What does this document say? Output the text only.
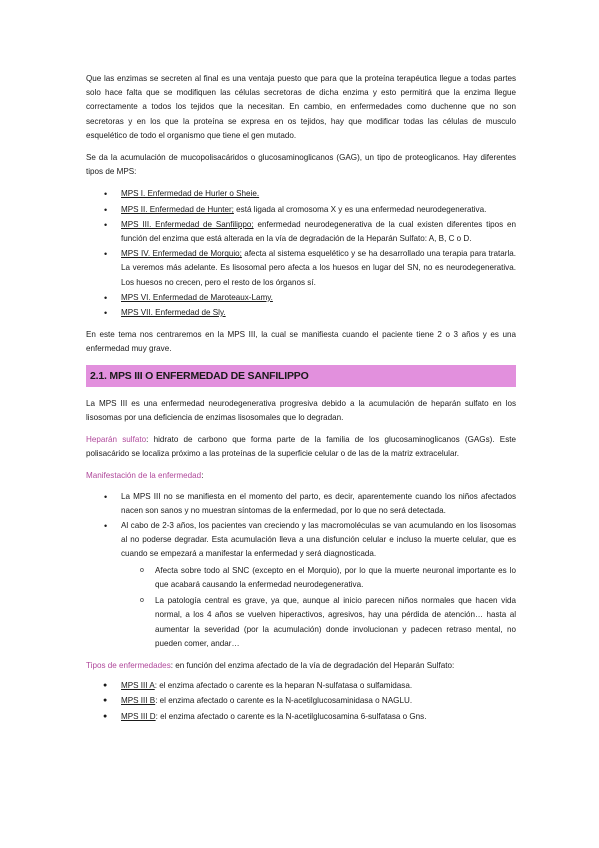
Que las enzimas se secreten al final es una ventaja puesto que para que la proteína terapéutica llegue a todas partes solo hace falta que se modifiquen las células secretoras de dicha enzima y esto permitirá que la enzima llegue correctamente a todos los tejidos que la necesitan. En cambio, en enfermedades como duchenne que no son secretoras y en los que la proteína se expresa en os tejidos, hay que modificar todas las células de musculo esquelético de todo el organismo que tiene el gen mutado.

Se da la acumulación de mucopolisacáridos o glucosaminoglicanos (GAG), un tipo de proteoglicanos. Hay diferentes tipos de MPS:

• MPS I. Enfermedad de Hurler o Sheie.
• MPS II. Enfermedad de Hunter; está ligada al cromosoma X y es una enfermedad neurodegenerativa.
• MPS III. Enfermedad de Sanfilippo; enfermedad neurodegenerativa de la cual existen diferentes tipos en función del enzima que está alterada en la vía de degradación de la Heparán Sulfato: A, B, C o D.
• MPS IV. Enfermedad de Morquio; afecta al sistema esquelético y se ha desarrollado una terapia para tratarla. La veremos más adelante. Es lisosomal pero afecta a los huesos en lugar del SN, no es neurodegenerativa. Los huesos no crecen, pero el resto de los órganos sí.
• MPS VI. Enfermedad de Maroteaux-Lamy.
• MPS VII. Enfermedad de Sly.

En este tema nos centraremos en la MPS III, la cual se manifiesta cuando el paciente tiene 2 o 3 años y es una enfermedad muy grave.

2.1. MPS III O ENFERMEDAD DE SANFILIPPO

La MPS III es una enfermedad neurodegenerativa progresiva debido a la acumulación de heparán sulfato en los lisosomas por una deficiencia de enzimas lisosomales que lo degradan.

Heparán sulfato: hidrato de carbono que forma parte de la familia de los glucosaminoglicanos (GAGs). Este polisacárido se localiza próximo a las proteínas de la superficie celular o de las de la matriz extracelular.

Manifestación de la enfermedad:

• La MPS III no se manifiesta en el momento del parto, es decir, aparentemente cuando los niños afectados nacen son sanos y no muestran síntomas de la enfermedad, por lo que no será detectada.
• Al cabo de 2-3 años, los pacientes van creciendo y las macromoléculas se van acumulando en los lisosomas al no poderse degradar. Esta acumulación lleva a una disfunción celular e incluso la muerte celular, que es cuando se empezará a manifestar la enfermedad y será diagnosticada.
o Afecta sobre todo al SNC (excepto en el Morquio), por lo que la muerte neuronal importante es lo que acabará causando la enfermedad neurodegenerativa.
o La patología central es grave, ya que, aunque al inicio parecen niños normales que hacen vida normal, a los 4 años se vuelven hiperactivos, agresivos, hay una pérdida de atención… hasta al aumentar la severidad (por la acumulación) donde involucionan y padecen retraso mental, no pueden comer, andar…

Tipos de enfermedades: en función del enzima afectado de la vía de degradación del Heparán Sulfato:

● MPS III A: el enzima afectado o carente es la heparan N-sulfatasa o sulfamidasa.
● MPS III B: el enzima afectado o carente es la N-acetilglucosaminidasa o NAGLU.
● MPS III D: el enzima afectado o carente es la N-acetilglucosamina 6-sulfatasa o Gns.
